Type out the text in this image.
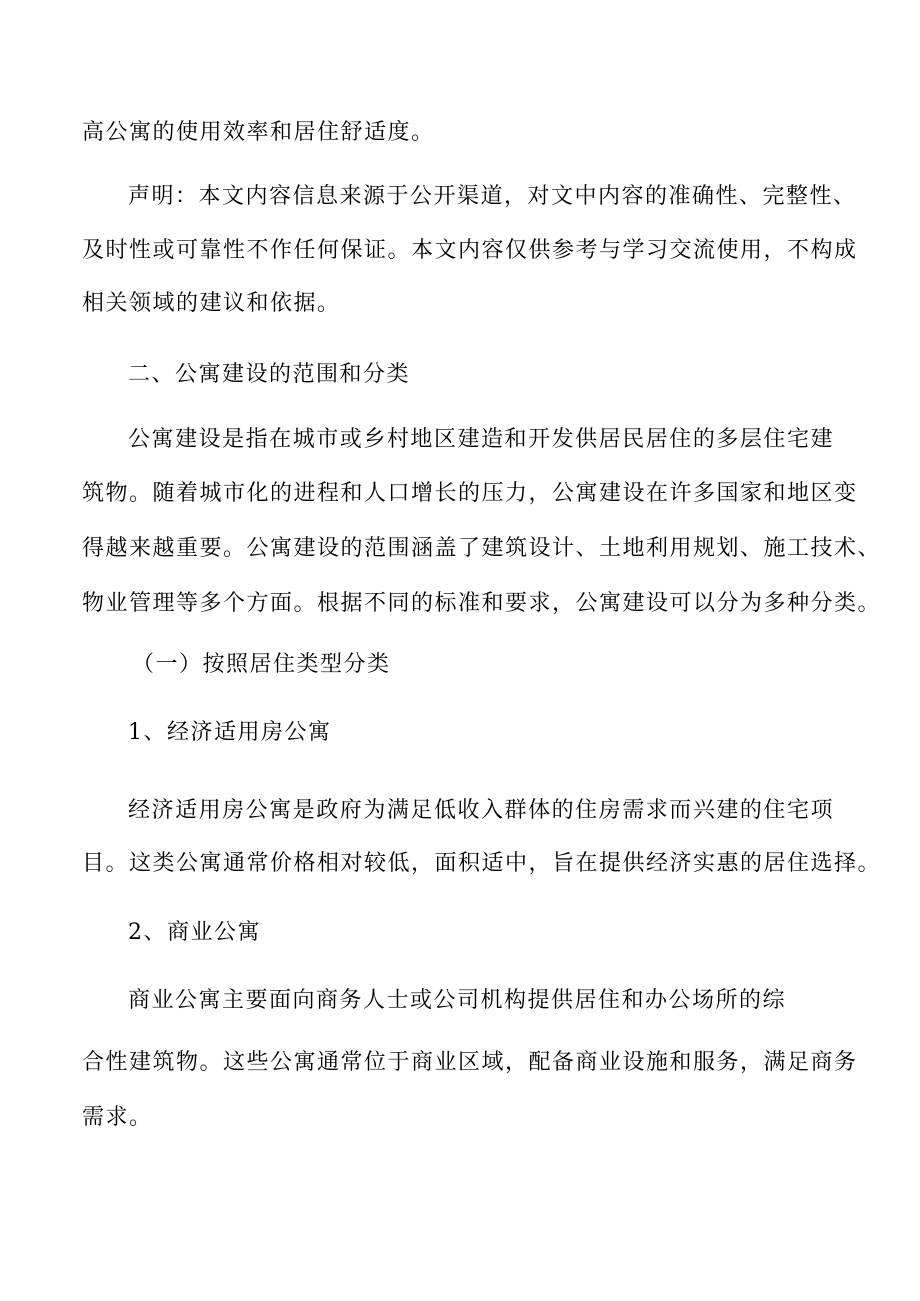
高公寓的使用效率和居住舒适度。
声明：本文内容信息来源于公开渠道，对文中内容的准确性、完整性、
及时性或可靠性不作任何保证。本文内容仅供参考与学习交流使用，不构成
相关领域的建议和依据。
二、公寓建设的范围和分类
公寓建设是指在城市或乡村地区建造和开发供居民居住的多层住宅建
筑物。随着城市化的进程和人口增长的压力，公寓建设在许多国家和地区变
得越来越重要。公寓建设的范围涵盖了建筑设计、土地利用规划、施工技术、
物业管理等多个方面。根据不同的标准和要求，公寓建设可以分为多种分类。
（一）按照居住类型分类
1、经济适用房公寓
经济适用房公寓是政府为满足低收入群体的住房需求而兴建的住宅项
目。这类公寓通常价格相对较低，面积适中，旨在提供经济实惠的居住选择。
2、商业公寓
商业公寓主要面向商务人士或公司机构提供居住和办公场所的综
合性建筑物。这些公寓通常位于商业区域，配备商业设施和服务，满足商务
需求。
